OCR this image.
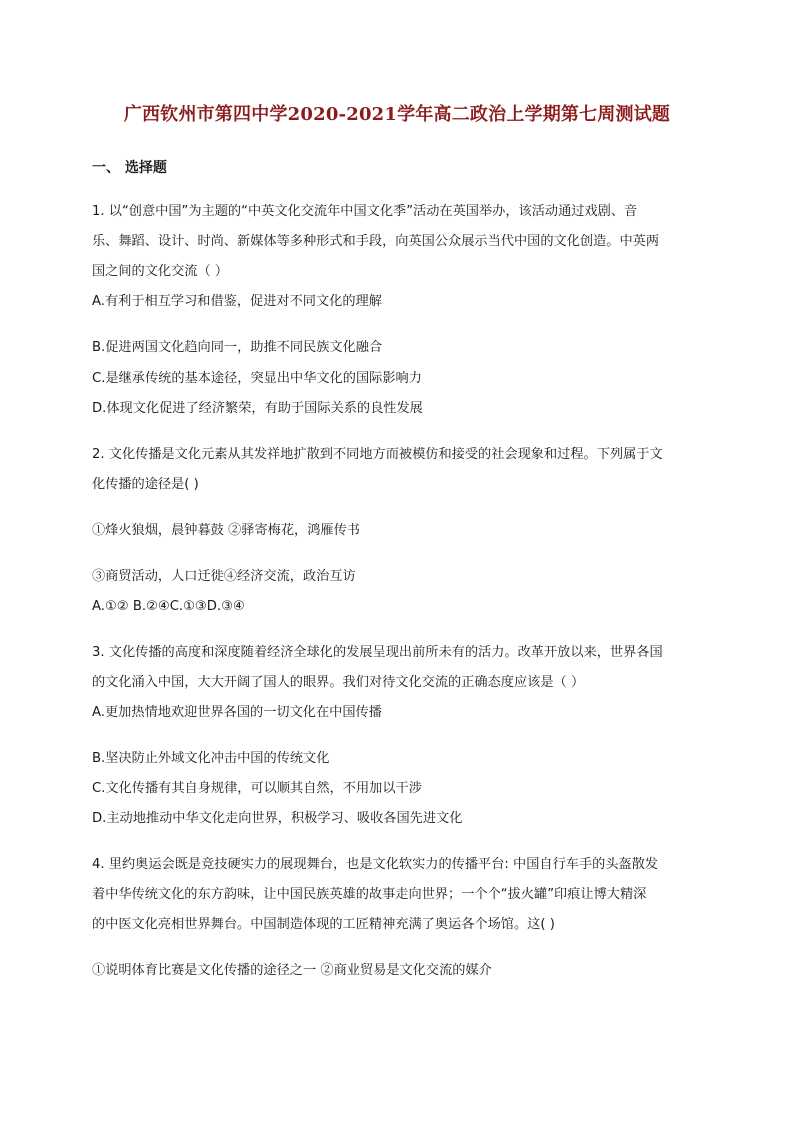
广西钦州市第四中学2020-2021学年高二政治上学期第七周测试题
一、 选择题
1. 以“创意中国”为主题的“中英文化交流年中国文化季”活动在英国举办，该活动通过戏剧、音
乐、舞蹈、设计、时尚、新媒体等多种形式和手段，向英国公众展示当代中国的文化创造。中英两
国之间的文化交流（ ）
A.有利于相互学习和借鉴，促进对不同文化的理解
B.促进两国文化趋向同一，助推不同民族文化融合
C.是继承传统的基本途径，突显出中华文化的国际影响力
D.体现文化促进了经济繁荣，有助于国际关系的良性发展
2. 文化传播是文化元素从其发祥地扩散到不同地方而被模仿和接受的社会现象和过程。下列属于文
化传播的途径是( )
①烽火狼烟，晨钟暮鼓 ②驿寄梅花，鸿雁传书
③商贸活动，人口迁徙④经济交流，政治互访
A.①② B.②④C.①③D.③④
3. 文化传播的高度和深度随着经济全球化的发展呈现出前所未有的活力。改革开放以来，世界各国
的文化涌入中国，大大开阔了国人的眼界。我们对待文化交流的正确态度应该是（ ）
A.更加热情地欢迎世界各国的一切文化在中国传播
B.坚决防止外域文化冲击中国的传统文化
C.文化传播有其自身规律，可以顺其自然，不用加以干涉
D.主动地推动中华文化走向世界，积极学习、吸收各国先进文化
4. 里约奥运会既是竞技硬实力的展现舞台，也是文化软实力的传播平台: 中国自行车手的头盔散发
着中华传统文化的东方韵味，让中国民族英雄的故事走向世界；一个个“拔火罐”印痕让博大精深
的中医文化亮相世界舞台。中国制造体现的工匠精神充满了奥运各个场馆。这( )
①说明体育比赛是文化传播的途径之一 ②商业贸易是文化交流的媒介
